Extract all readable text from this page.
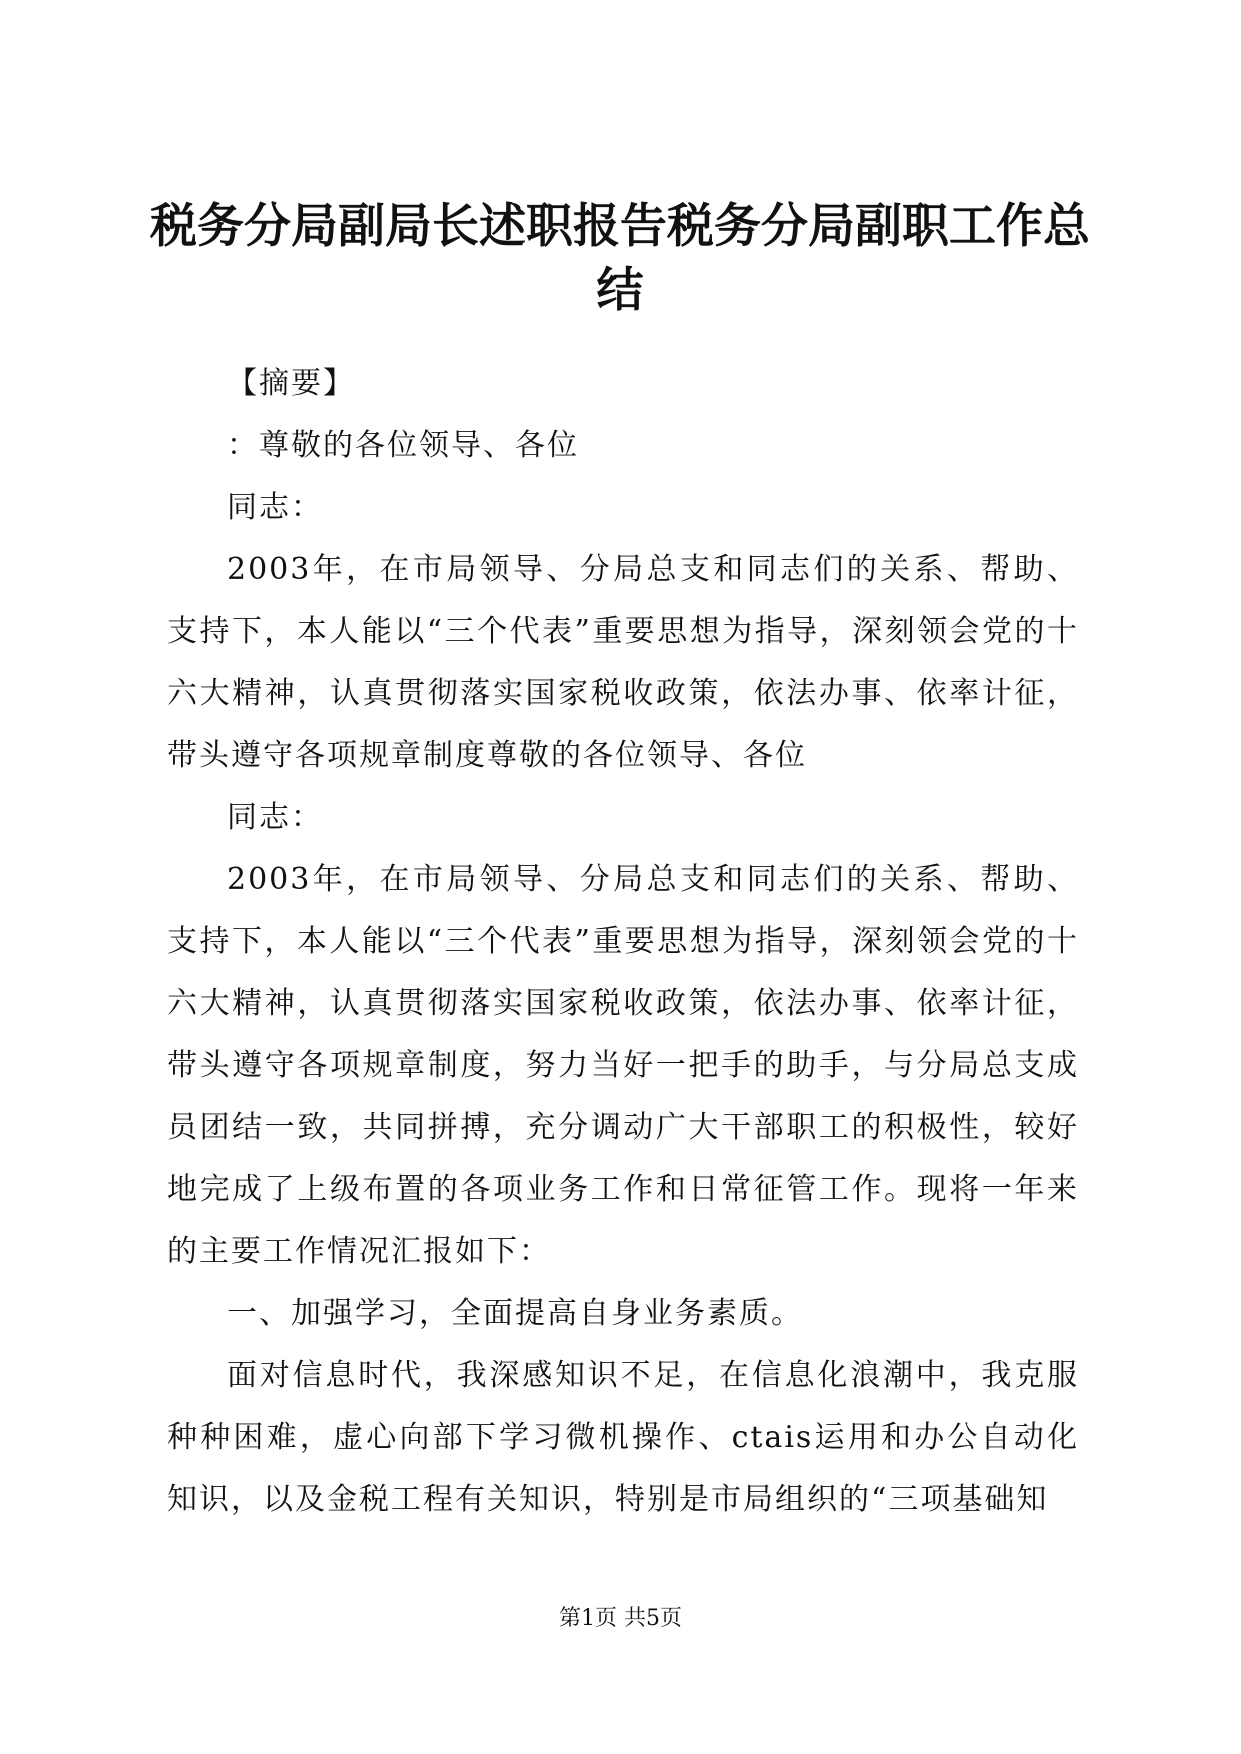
税务分局副局长述职报告税务分局副职工作总结

【摘要】

：尊敬的各位领导、各位

同志：

2003年，在市局领导、分局总支和同志们的关系、帮助、支持下，本人能以“三个代表”重要思想为指导，深刻领会党的十六大精神，认真贯彻落实国家税收政策，依法办事、依率计征，带头遵守各项规章制度尊敬的各位领导、各位

同志：

2003年，在市局领导、分局总支和同志们的关系、帮助、支持下，本人能以“三个代表”重要思想为指导，深刻领会党的十六大精神，认真贯彻落实国家税收政策，依法办事、依率计征，带头遵守各项规章制度，努力当好一把手的助手，与分局总支成员团结一致，共同拼搏，充分调动广大干部职工的积极性，较好地完成了上级布置的各项业务工作和日常征管工作。现将一年来的主要工作情况汇报如下：

一、加强学习，全面提高自身业务素质。

面对信息时代，我深感知识不足，在信息化浪潮中，我克服种种困难，虚心向部下学习微机操作、ctais运用和办公自动化知识，以及金税工程有关知识，特别是市局组织的“三项基础知

第1页 共5页
